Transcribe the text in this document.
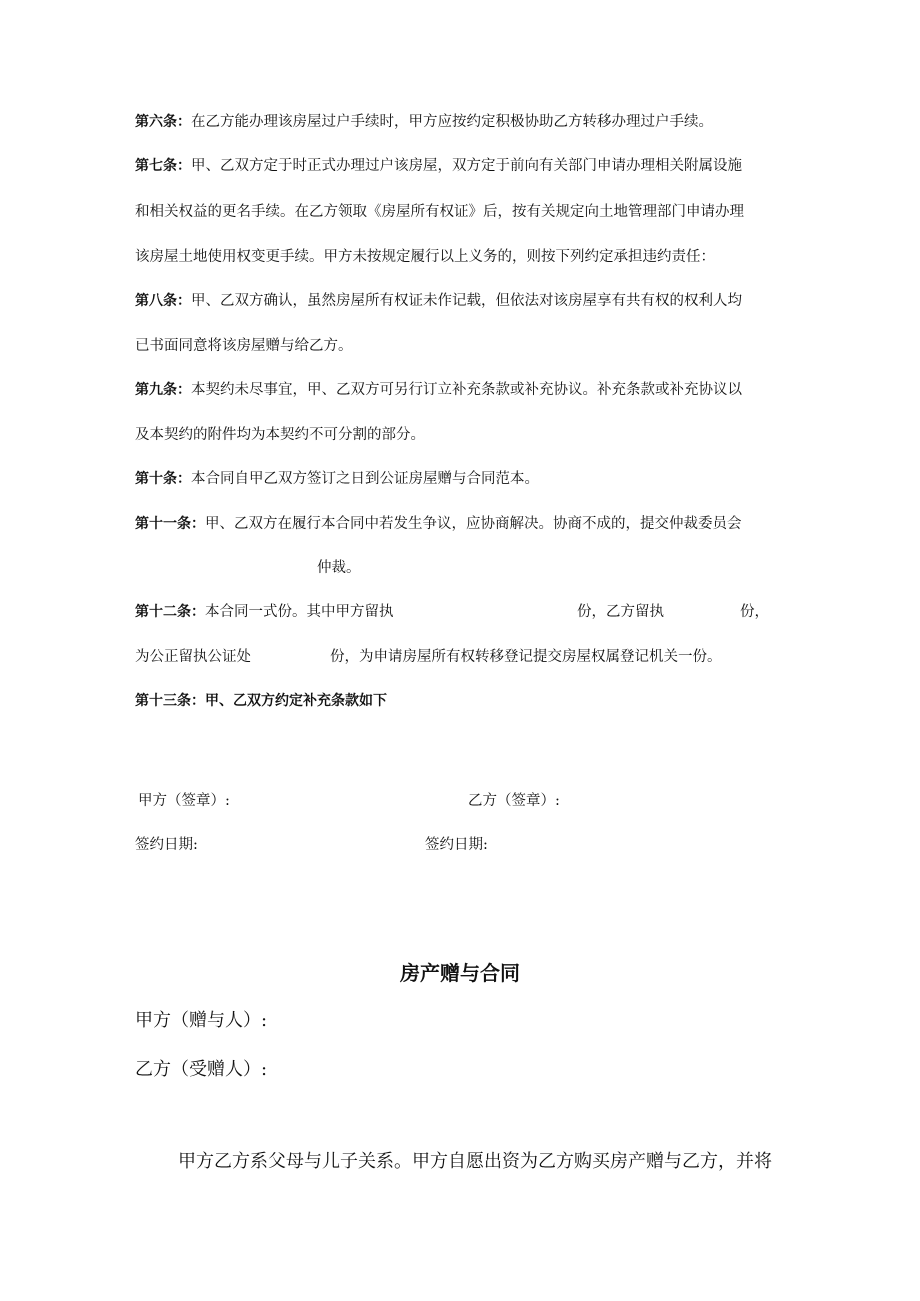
第六条：在乙方能办理该房屋过户手续时，甲方应按约定积极协助乙方转移办理过户手续。
第七条：甲、乙双方定于时正式办理过户该房屋，双方定于前向有关部门申请办理相关附属设施
和相关权益的更名手续。在乙方领取《房屋所有权证》后，按有关规定向土地管理部门申请办理
该房屋土地使用权变更手续。甲方未按规定履行以上义务的，则按下列约定承担违约责任：
第八条：甲、乙双方确认，虽然房屋所有权证未作记载，但依法对该房屋享有共有权的权利人均
已书面同意将该房屋赠与给乙方。
第九条：本契约未尽事宜，甲、乙双方可另行订立补充条款或补充协议。补充条款或补充协议以
及本契约的附件均为本契约不可分割的部分。
第十条：本合同自甲乙双方签订之日到公证房屋赠与合同范本。
第十一条：甲、乙双方在履行本合同中若发生争议，应协商解决。协商不成的，提交仲裁委员会
仲裁。
第十二条：本合同一式份。其中甲方留执	份，乙方留执	份，
为公正留执公证处	份，为申请房屋所有权转移登记提交房屋权属登记机关一份。
第十三条：甲、乙双方约定补充条款如下
甲方（签章）:	乙方（签章）:
签约日期:	签约日期:
房产赠与合同
甲方（赠与人）:
乙方（受赠人）:
甲方乙方系父母与儿子关系。甲方自愿出资为乙方购买房产赠与乙方，并将
